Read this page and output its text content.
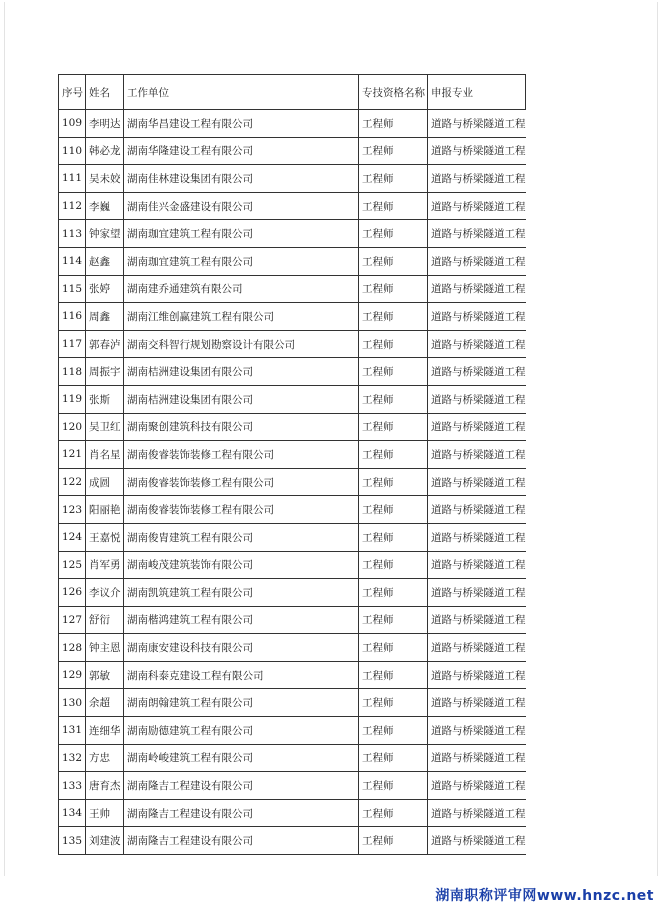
序号	姓名	工作单位	专技资格名称	申报专业
109	李明达	湖南华昌建设工程有限公司	工程师	道路与桥梁隧道工程
110	韩必龙	湖南华隆建设工程有限公司	工程师	道路与桥梁隧道工程
111	吴未姣	湖南佳林建设集团有限公司	工程师	道路与桥梁隧道工程
112	李巍	湖南佳兴金盛建设有限公司	工程师	道路与桥梁隧道工程
113	钟家望	湖南珈宜建筑工程有限公司	工程师	道路与桥梁隧道工程
114	赵鑫	湖南珈宜建筑工程有限公司	工程师	道路与桥梁隧道工程
115	张婷	湖南建乔通建筑有限公司	工程师	道路与桥梁隧道工程
116	周鑫	湖南江维创赢建筑工程有限公司	工程师	道路与桥梁隧道工程
117	郭春泸	湖南交科智行规划勘察设计有限公司	工程师	道路与桥梁隧道工程
118	周振宇	湖南桔洲建设集团有限公司	工程师	道路与桥梁隧道工程
119	张斯	湖南桔洲建设集团有限公司	工程师	道路与桥梁隧道工程
120	吴卫红	湖南聚创建筑科技有限公司	工程师	道路与桥梁隧道工程
121	肖名星	湖南俊睿装饰装修工程有限公司	工程师	道路与桥梁隧道工程
122	成圆	湖南俊睿装饰装修工程有限公司	工程师	道路与桥梁隧道工程
123	阳丽艳	湖南俊睿装饰装修工程有限公司	工程师	道路与桥梁隧道工程
124	王嘉悦	湖南俊胄建筑工程有限公司	工程师	道路与桥梁隧道工程
125	肖军勇	湖南峻茂建筑装饰有限公司	工程师	道路与桥梁隧道工程
126	李议介	湖南凯筑建筑工程有限公司	工程师	道路与桥梁隧道工程
127	舒衍	湖南楷鸿建筑工程有限公司	工程师	道路与桥梁隧道工程
128	钟主恩	湖南康安建设科技有限公司	工程师	道路与桥梁隧道工程
129	郭敏	湖南科泰克建设工程有限公司	工程师	道路与桥梁隧道工程
130	余超	湖南朗翰建筑工程有限公司	工程师	道路与桥梁隧道工程
131	连细华	湖南励德建筑工程有限公司	工程师	道路与桥梁隧道工程
132	方忠	湖南岭峻建筑工程有限公司	工程师	道路与桥梁隧道工程
133	唐育杰	湖南隆吉工程建设有限公司	工程师	道路与桥梁隧道工程
134	王帅	湖南隆吉工程建设有限公司	工程师	道路与桥梁隧道工程
135	刘建波	湖南隆吉工程建设有限公司	工程师	道路与桥梁隧道工程
湖南职称评审网www.hnzc.net
